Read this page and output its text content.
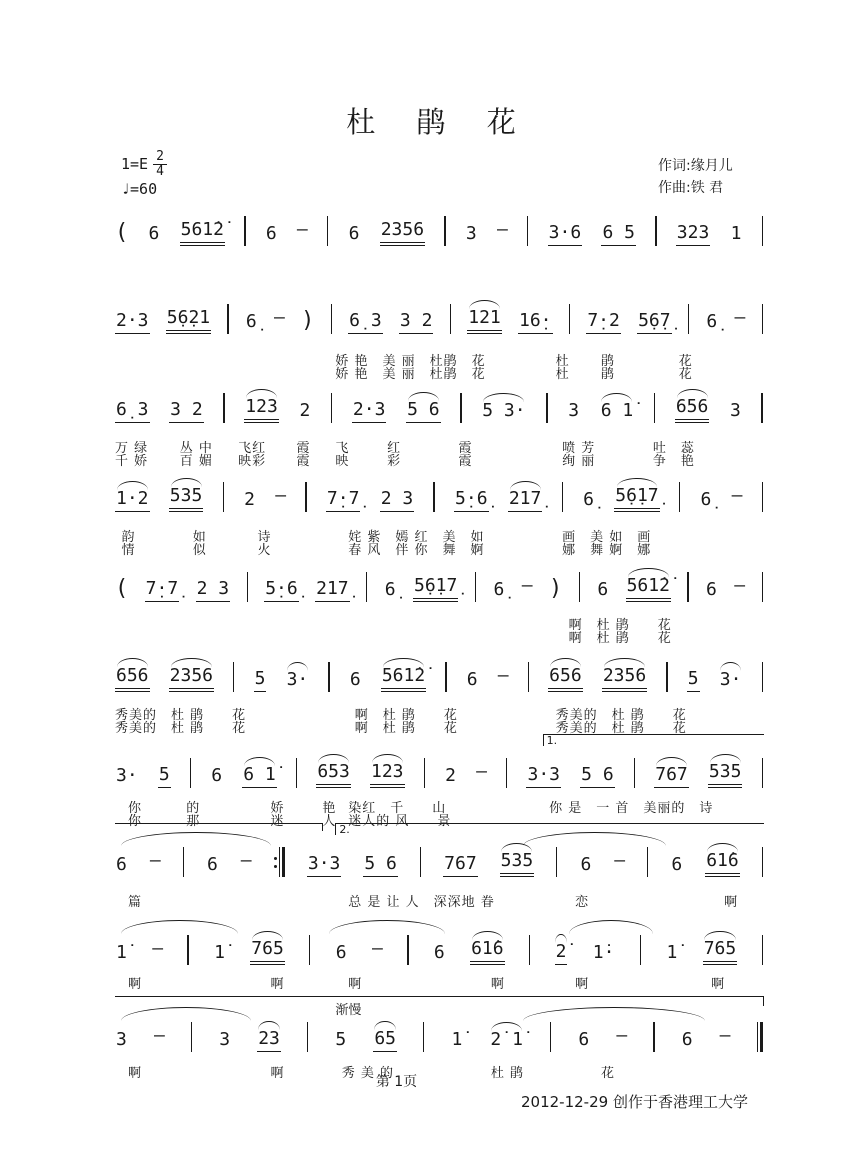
杜 鹃 花
$1=E \frac{2}{4}$
♩=60
作词:缘月儿
作曲:铁 君
( 6 561̇2̇ 6 – 6 2356 3 – 3·6 6 5 323 1
2·3 5̣6̣21 6̣ – ) 6̣ 3 3 2 121 16̣· 7̣·2 5̣6̣7̣ 6̣ –
娇 艳　美 丽　杜鹃　花	杜 鹃	花
娇 艳　美 丽　杜鹃　花	杜 鹃	花
6̣ 3 3 2 123 2 2·3 5 6 5 3· 3 6 1̇ 656 3
万 绿 丛 中 飞红 霞 飞	红	霞	喷 芳	吐　蕊
千 娇 百 媚 映彩 霞 映	彩	霞	绚 丽	争　艳
1·2 535 2 – 7̣·7̣ 2 3 5̣·6̣ 217̣ 6̣ 5̣6̣17̣ 6̣ –
韵	如	诗	姹 紫　嫣 红　美　如	画　美 如　画
情	似	火	春 风　伴 你　舞　婀	娜　舞 婀　娜
( 7̣·7̣ 2 3 5̣·6̣ 217̣ 6̣ 5̣6̣17̣ 6̣ – ) 6 561̇2̇ 6 –
啊　杜 鹃　　花
啊　杜 鹃　　花
656 2356 5 3· 6 561̇2̇ 6 – 656 2356 5 3·
秀美的　杜 鹃　　花	啊　杜 鹃　　花	秀美的　杜 鹃　　花
秀美的　杜 鹃　　花	啊　杜 鹃　　花	秀美的　杜 鹃　　花
1.
3· 5 6 6 1̇ 653 123 2 – 3·3 5 6 767 535
你	的	娇	艳 染红　千　　山	你 是　一 首　美丽的　诗
你	那	迷	人 迷人的 风　　景
2.
6 –	6 –	3·3 5 6	767 535	6 –	6 61̇6
篇	总 是 让 人　深深地 眷	恋	啊
1̇ –	1̇ 765	6 –	6 61̇6	2̇ 1̇·	1̇ 765
啊	啊	啊	啊	啊	啊
渐慢
3 –	3 23	5 65	1̇ 2̇ 1̇	6 –	6 –
啊	啊	秀 美 的	杜 鹃	花
第 1页
2012-12-29 创作于香港理工大学
